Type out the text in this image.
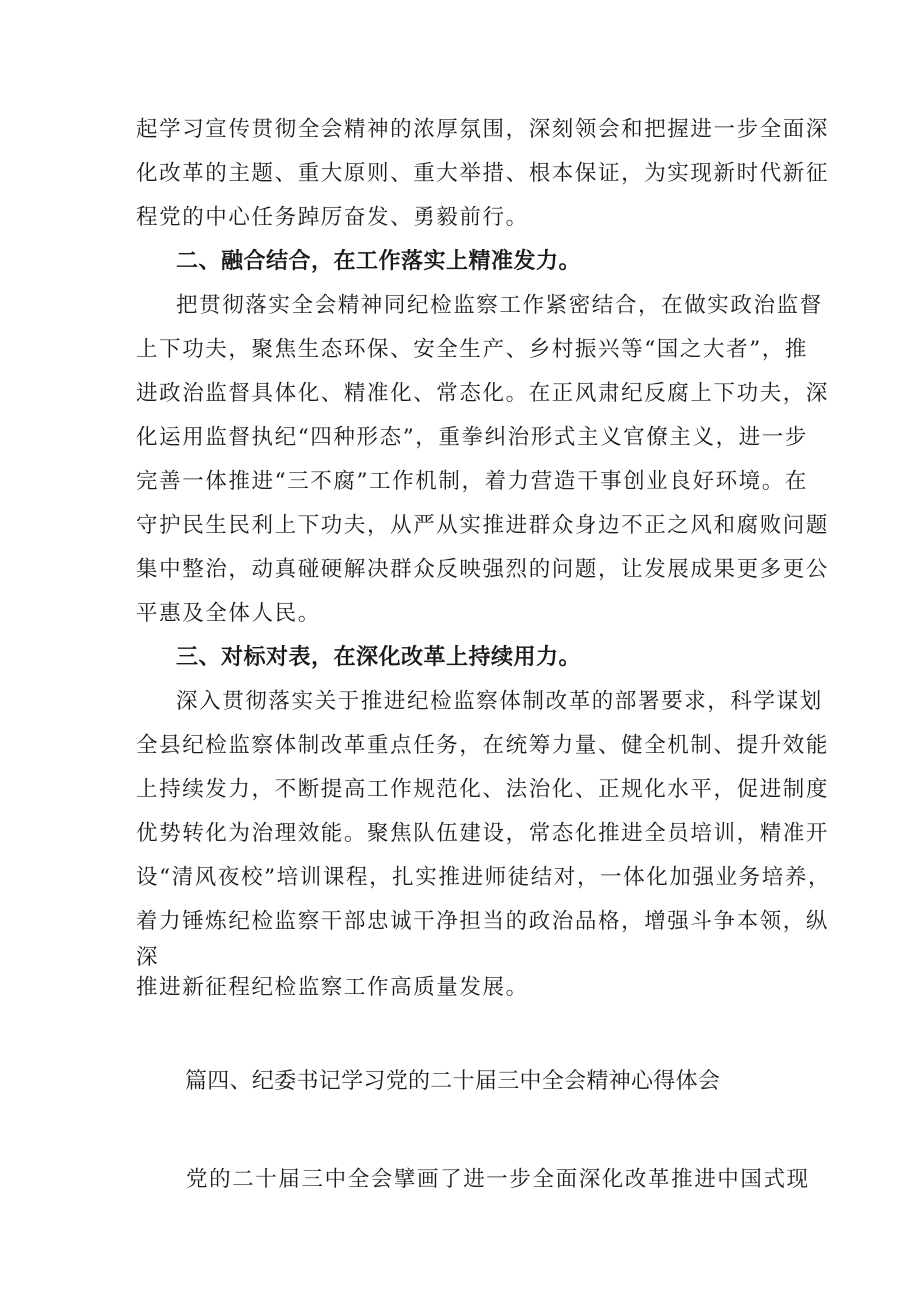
起学习宣传贯彻全会精神的浓厚氛围，深刻领会和把握进一步全面深
化改革的主题、重大原则、重大举措、根本保证，为实现新时代新征
程党的中心任务踔厉奋发、勇毅前行。
二、融合结合，在工作落实上精准发力。
把贯彻落实全会精神同纪检监察工作紧密结合，在做实政治监督
上下功夫，聚焦生态环保、安全生产、乡村振兴等“国之大者”，推
进政治监督具体化、精准化、常态化。在正风肃纪反腐上下功夫，深
化运用监督执纪“四种形态”，重拳纠治形式主义官僚主义，进一步
完善一体推进“三不腐”工作机制，着力营造干事创业良好环境。在
守护民生民利上下功夫，从严从实推进群众身边不正之风和腐败问题
集中整治，动真碰硬解决群众反映强烈的问题，让发展成果更多更公
平惠及全体人民。
三、对标对表，在深化改革上持续用力。
深入贯彻落实关于推进纪检监察体制改革的部署要求，科学谋划
全县纪检监察体制改革重点任务，在统筹力量、健全机制、提升效能
上持续发力，不断提高工作规范化、法治化、正规化水平，促进制度
优势转化为治理效能。聚焦队伍建设，常态化推进全员培训，精准开
设“清风夜校”培训课程，扎实推进师徒结对，一体化加强业务培养，
着力锤炼纪检监察干部忠诚干净担当的政治品格，增强斗争本领，纵
深
推进新征程纪检监察工作高质量发展。
篇四、纪委书记学习党的二十届三中全会精神心得体会
党的二十届三中全会擘画了进一步全面深化改革推进中国式现
